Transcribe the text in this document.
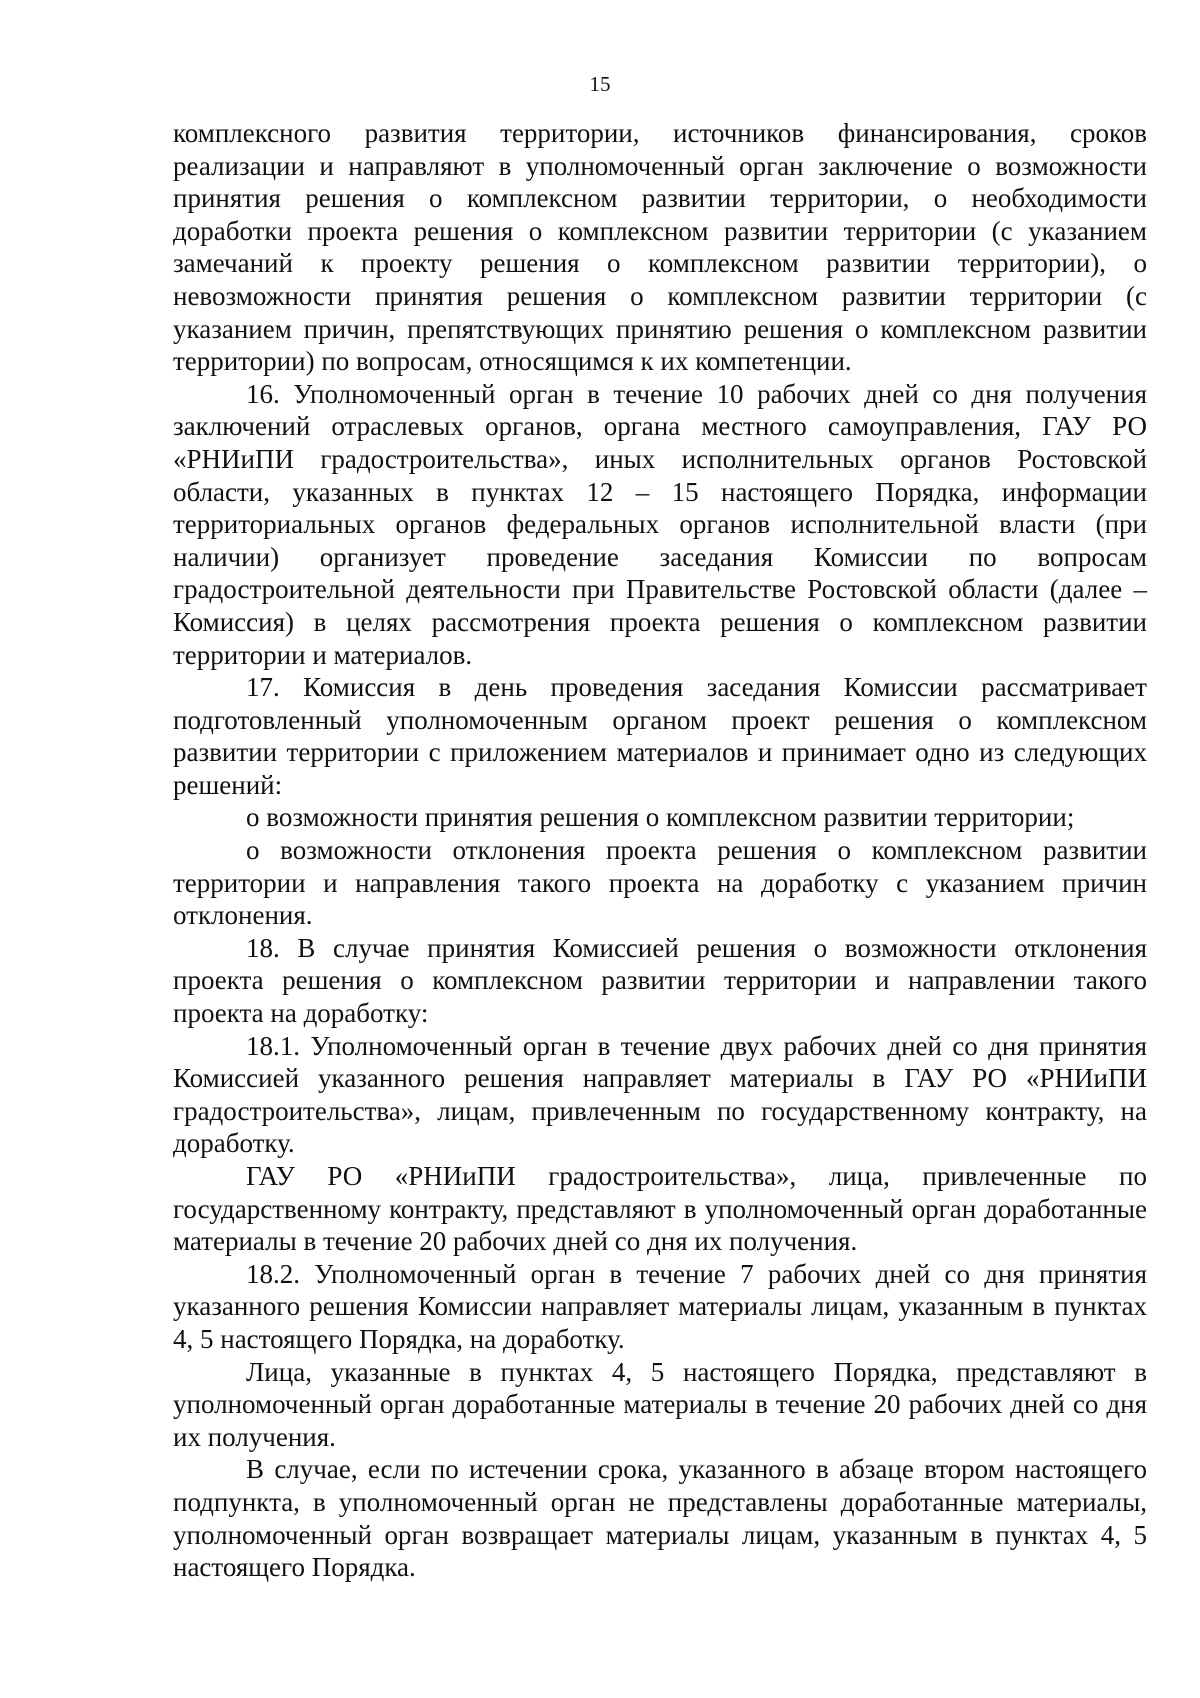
15

комплексного развития территории, источников финансирования, сроков реализации и направляют в уполномоченный орган заключение о возможности принятия решения о комплексном развитии территории, о необходимости доработки проекта решения о комплексном развитии территории (с указанием замечаний к проекту решения о комплексном развитии территории), о невозможности принятия решения о комплексном развитии территории (с указанием причин, препятствующих принятию решения о комплексном развитии территории) по вопросам, относящимся к их компетенции.

16. Уполномоченный орган в течение 10 рабочих дней со дня получения заключений отраслевых органов, органа местного самоуправления, ГАУ РО «РНИиПИ градостроительства», иных исполнительных органов Ростовской области, указанных в пунктах 12 – 15 настоящего Порядка, информации территориальных органов федеральных органов исполнительной власти (при наличии) организует проведение заседания Комиссии по вопросам градостроительной деятельности при Правительстве Ростовской области (далее – Комиссия) в целях рассмотрения проекта решения о комплексном развитии территории и материалов.

17. Комиссия в день проведения заседания Комиссии рассматривает подготовленный уполномоченным органом проект решения о комплексном развитии территории с приложением материалов и принимает одно из следующих решений:

о возможности принятия решения о комплексном развитии территории;

о возможности отклонения проекта решения о комплексном развитии территории и направления такого проекта на доработку с указанием причин отклонения.

18. В случае принятия Комиссией решения о возможности отклонения проекта решения о комплексном развитии территории и направлении такого проекта на доработку:

18.1. Уполномоченный орган в течение двух рабочих дней со дня принятия Комиссией указанного решения направляет материалы в ГАУ РО «РНИиПИ градостроительства», лицам, привлеченным по государственному контракту, на доработку.

ГАУ РО «РНИиПИ градостроительства», лица, привлеченные по государственному контракту, представляют в уполномоченный орган доработанные материалы в течение 20 рабочих дней со дня их получения.

18.2. Уполномоченный орган в течение 7 рабочих дней со дня принятия указанного решения Комиссии направляет материалы лицам, указанным в пунктах 4, 5 настоящего Порядка, на доработку.

Лица, указанные в пунктах 4, 5 настоящего Порядка, представляют в уполномоченный орган доработанные материалы в течение 20 рабочих дней со дня их получения.

В случае, если по истечении срока, указанного в абзаце втором настоящего подпункта, в уполномоченный орган не представлены доработанные материалы, уполномоченный орган возвращает материалы лицам, указанным в пунктах 4, 5 настоящего Порядка.
